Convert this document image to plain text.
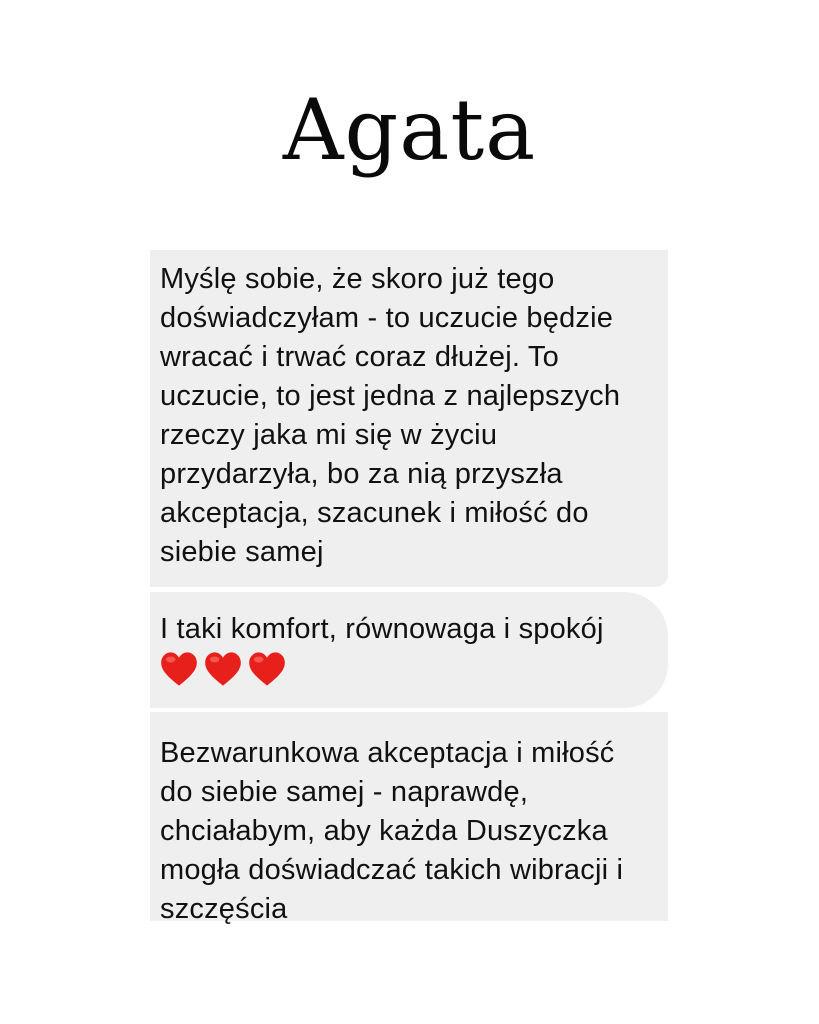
Agata
Myślę sobie, że skoro już tego
doświadczyłam - to uczucie będzie
wracać i trwać coraz dłużej. To
uczucie, to jest jedna z najlepszych
rzeczy jaka mi się w życiu
przydarzyła, bo za nią przyszła
akceptacja, szacunek i miłość do
siebie samej
I taki komfort, równowaga i spokój
Bezwarunkowa akceptacja i miłość
do siebie samej - naprawdę,
chciałabym, aby każda Duszyczka
mogła doświadczać takich wibracji i
szczęścia
